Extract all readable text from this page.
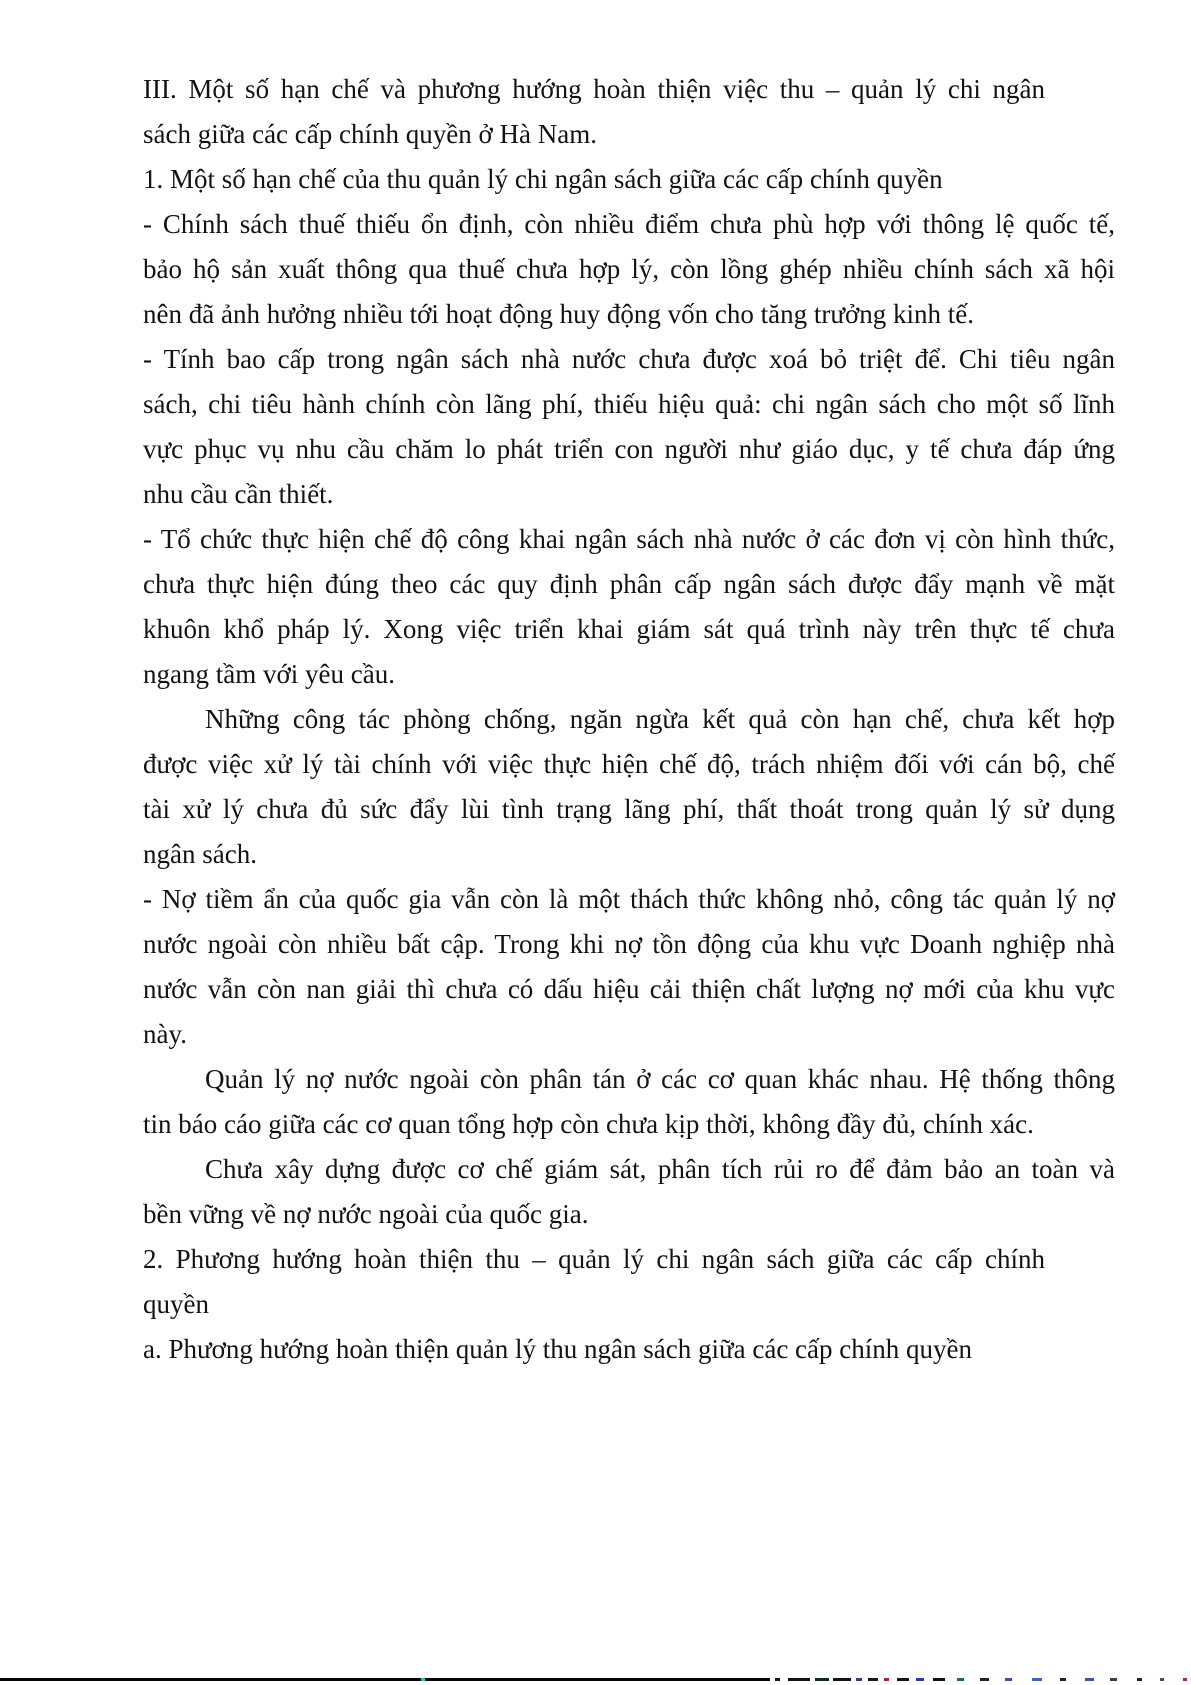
III. Một số hạn chế và phương hướng hoàn thiện việc thu – quản lý chi ngân
sách giữa các cấp chính quyền ở Hà Nam.
1. Một số hạn chế của thu quản lý chi ngân sách giữa các cấp chính quyền
- Chính sách thuế thiếu ổn định, còn nhiều điểm chưa phù hợp với thông lệ quốc tế,
bảo hộ sản xuất thông qua thuế chưa hợp lý, còn lồng ghép nhiều chính sách xã hội
nên đã ảnh hưởng nhiều tới hoạt động huy động vốn cho tăng trưởng kinh tế.
- Tính bao cấp trong ngân sách nhà nước chưa được xoá bỏ triệt để. Chi tiêu ngân
sách, chi tiêu hành chính còn lãng phí, thiếu hiệu quả: chi ngân sách cho một số lĩnh
vực phục vụ nhu cầu chăm lo phát triển con người như giáo dục, y tế chưa đáp ứng
nhu cầu cần thiết.
- Tổ chức thực hiện chế độ công khai ngân sách nhà nước ở các đơn vị còn hình thức,
chưa thực hiện đúng theo các quy định phân cấp ngân sách được đẩy mạnh về mặt
khuôn khổ pháp lý. Xong việc triển khai giám sát quá trình này trên thực tế chưa
ngang tầm với yêu cầu.
Những công tác phòng chống, ngăn ngừa kết quả còn hạn chế, chưa kết hợp
được việc xử lý tài chính với việc thực hiện chế độ, trách nhiệm đối với cán bộ, chế
tài xử lý chưa đủ sức đẩy lùi tình trạng lãng phí, thất thoát trong quản lý sử dụng
ngân sách.
- Nợ tiềm ẩn của quốc gia vẫn còn là một thách thức không nhỏ, công tác quản lý nợ
nước ngoài còn nhiều bất cập. Trong khi nợ tồn động của khu vực Doanh nghiệp nhà
nước vẫn còn nan giải thì chưa có dấu hiệu cải thiện chất lượng nợ mới của khu vực
này.
Quản lý nợ nước ngoài còn phân tán ở các cơ quan khác nhau. Hệ thống thông
tin báo cáo giữa các cơ quan tổng hợp còn chưa kịp thời, không đầy đủ, chính xác.
Chưa xây dựng được cơ chế giám sát, phân tích rủi ro để đảm bảo an toàn và
bền vững về nợ nước ngoài của quốc gia.
2. Phương hướng hoàn thiện thu – quản lý chi ngân sách giữa các cấp chính
quyền
a. Phương hướng hoàn thiện quản lý thu ngân sách giữa các cấp chính quyền
